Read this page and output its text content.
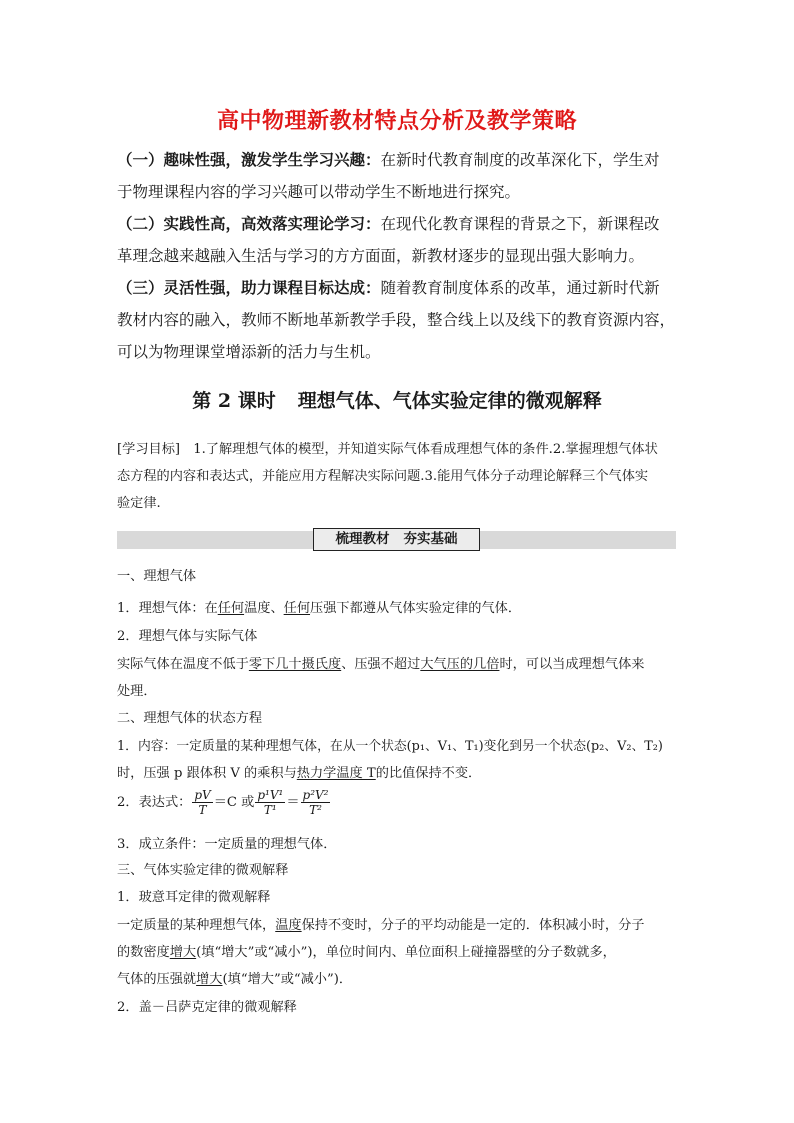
高中物理新教材特点分析及教学策略

（一）趣味性强，激发学生学习兴趣：在新时代教育制度的改革深化下，学生对

于物理课程内容的学习兴趣可以带动学生不断地进行探究。

（二）实践性高，高效落实理论学习：在现代化教育课程的背景之下，新课程改

革理念越来越融入生活与学习的方方面面，新教材逐步的显现出强大影响力。

（三）灵活性强，助力课程目标达成：随着教育制度体系的改革，通过新时代新

教材内容的融入，教师不断地革新教学手段，整合线上以及线下的教育资源内容，

可以为物理课堂增添新的活力与生机。

第 2 课时 理想气体、气体实验定律的微观解释
[学习目标]　1.了解理想气体的模型，并知道实际气体看成理想气体的条件.2.掌握理想气体状
态方程的内容和表达式，并能应用方程解决实际问题.3.能用气体分子动理论解释三个气体实
验定律.
梳理教材 夯实基础
一、理想气体
1．理想气体：在任何温度、任何压强下都遵从气体实验定律的气体．
2．理想气体与实际气体
实际气体在温度不低于零下几十摄氏度、压强不超过大气压的几倍时，可以当成理想气体来
处理．
二、理想气体的状态方程
1．内容：一定质量的某种理想气体，在从一个状态(p₁、V₁、T₁)变化到另一个状态(p₂、V₂、T₂)
时，压强 p 跟体积 V 的乘积与热力学温度 T的比值保持不变．
2．表达式： $\frac{pV}{T} =C$ 或 $\frac{\text{p¹V¹}}{\text{T¹}} = \frac{\text{p²V²}}{\text{T²}}$
3．成立条件：一定质量的理想气体．
三、气体实验定律的微观解释
1．玻意耳定律的微观解释
一定质量的某种理想气体，温度保持不变时，分子的平均动能是一定的．体积减小时，分子
的数密度增大(填“增大”或“减小”)，单位时间内、单位面积上碰撞器壁的分子数就多，
气体的压强就增大(填“增大”或“减小”)．
2．盖－吕萨克定律的微观解释
